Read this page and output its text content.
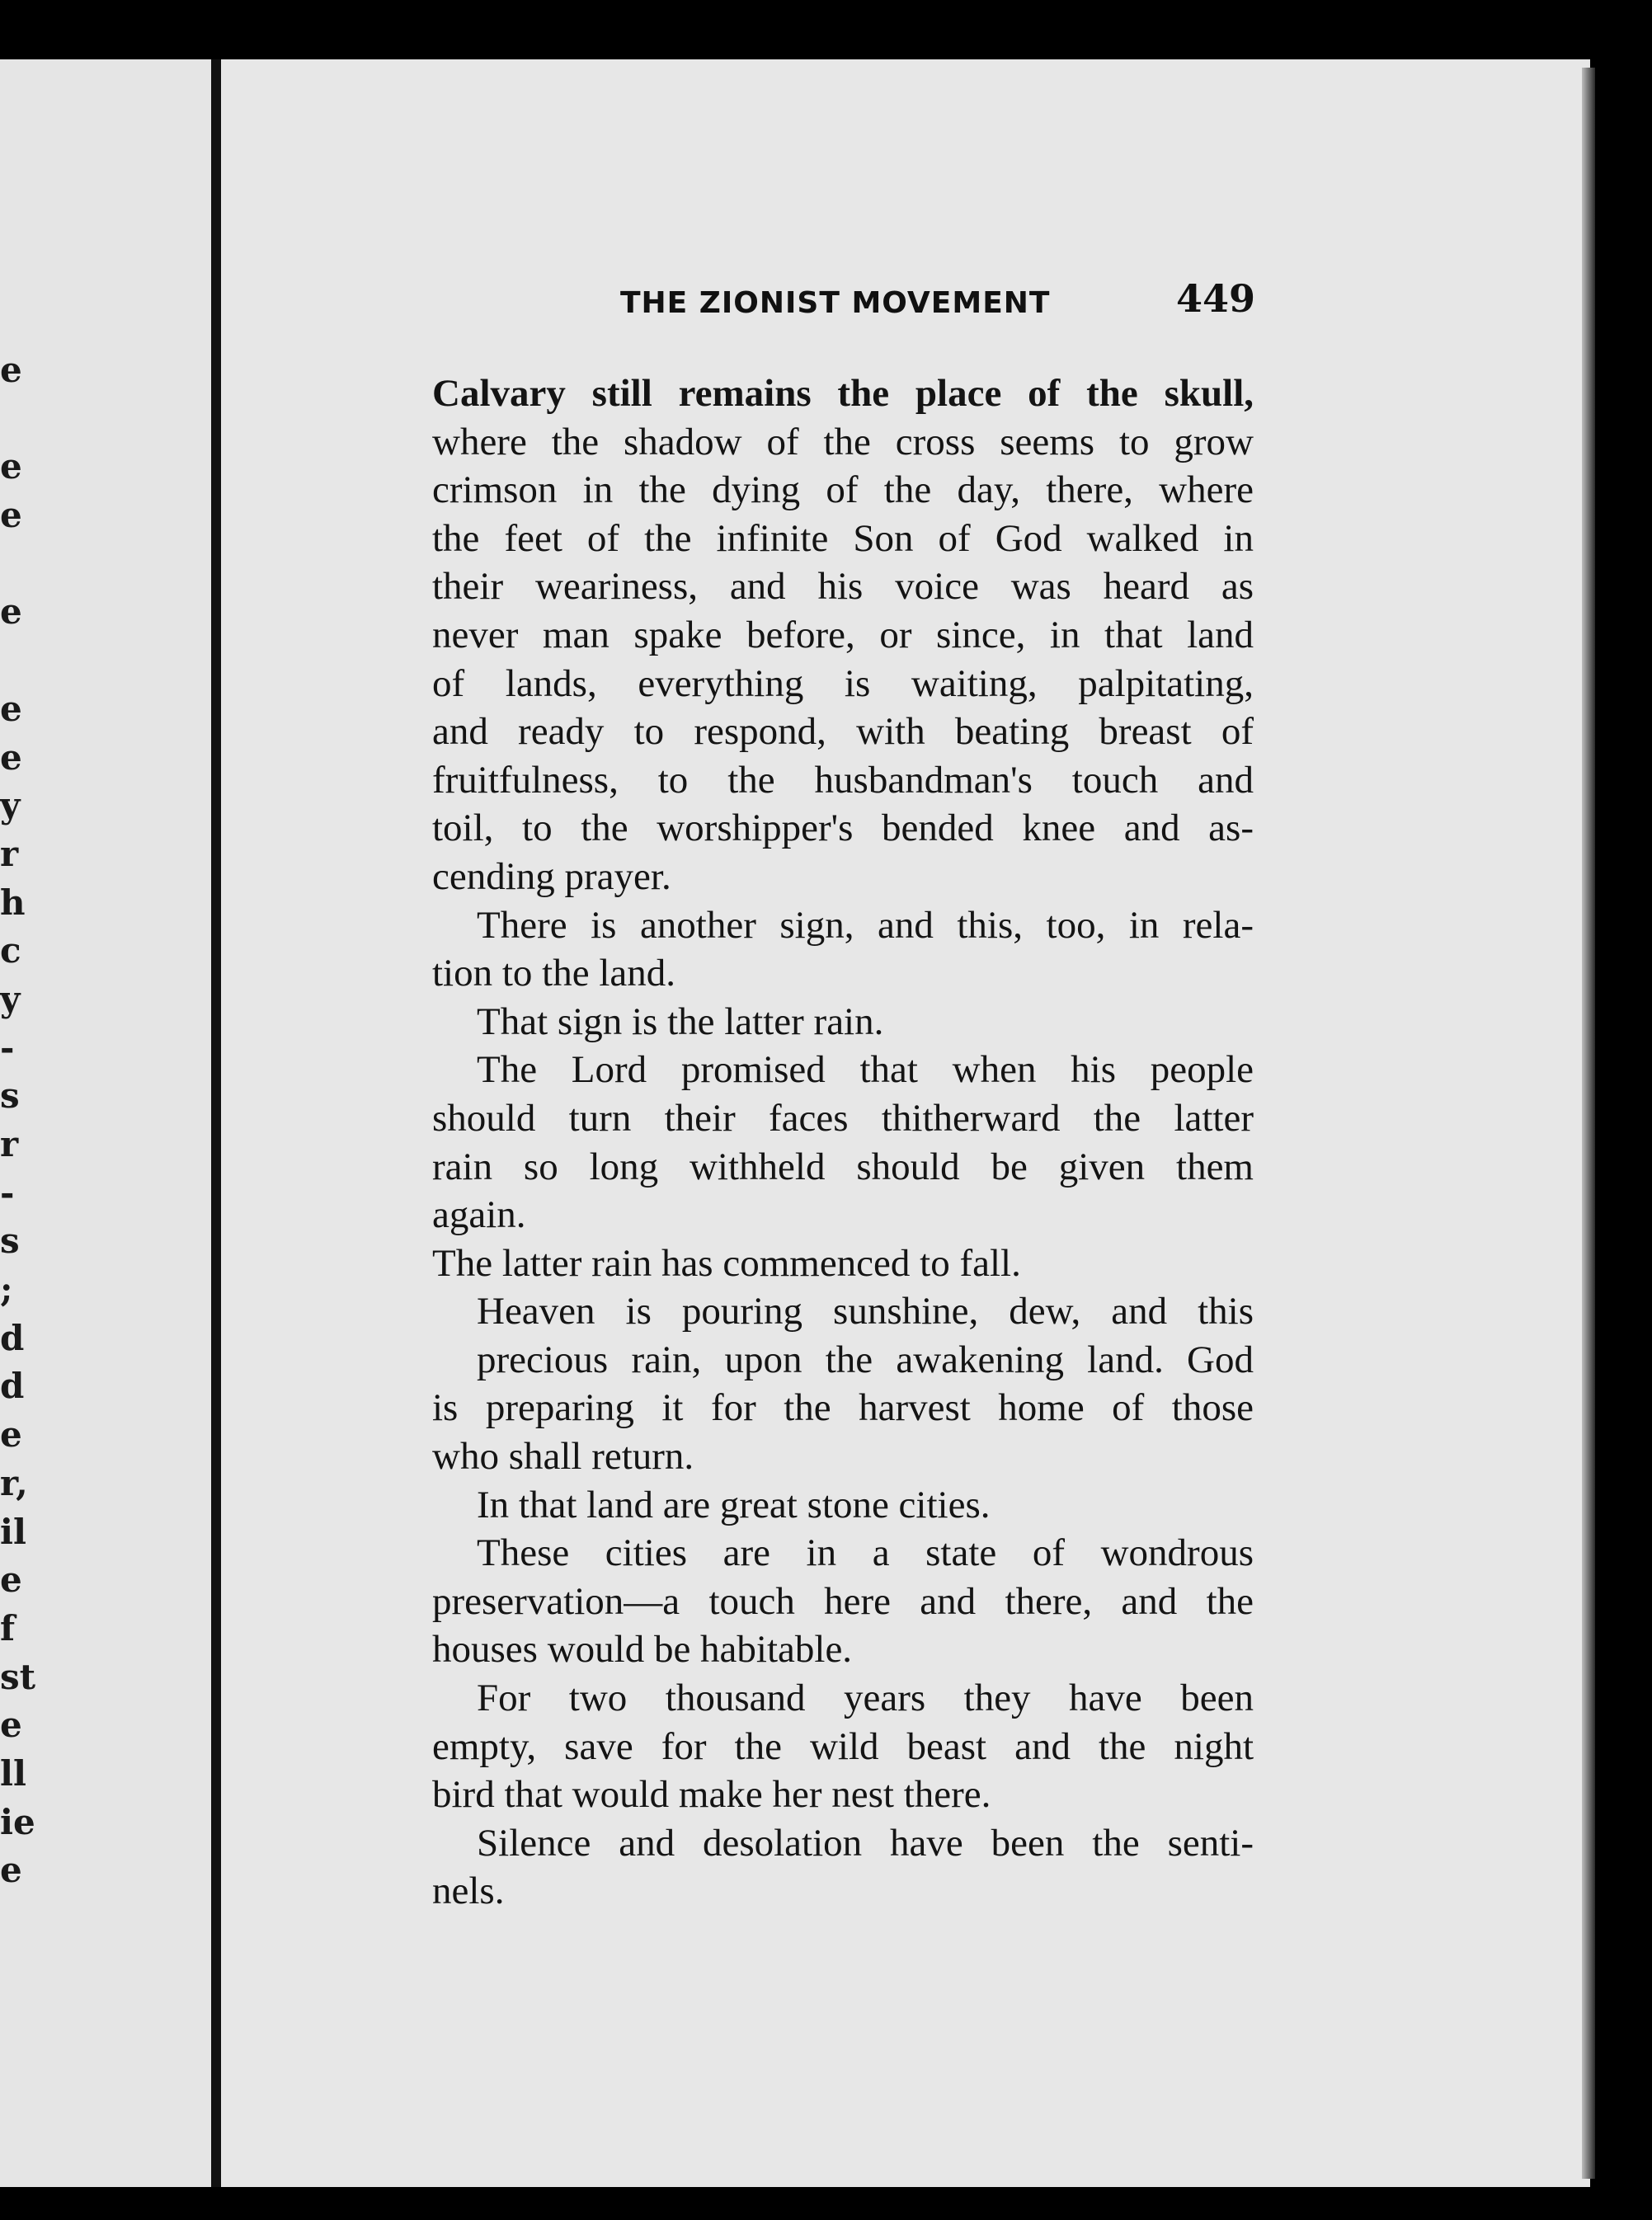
e
e
e
e
e
e
y
r
h
c
y
-
s
r
-
s
;
d
d
e
r,
il
e
f
st
e
ll
ie
e
THE ZIONIST MOVEMENT	449
Calvary still remains the place of the skull,
where the shadow of the cross seems to grow
crimson in the dying of the day, there, where
the feet of the infinite Son of God walked in
their weariness, and his voice was heard as
never man spake before, or since, in that land
of lands, everything is waiting, palpitating,
and ready to respond, with beating breast of
fruitfulness, to the husbandman's touch and
toil, to the worshipper's bended knee and as-
cending prayer.
There is another sign, and this, too, in rela-
tion to the land.
That sign is the latter rain.
The Lord promised that when his people
should turn their faces thitherward the latter
rain so long withheld should be given them
again.
The latter rain has commenced to fall.
Heaven is pouring sunshine, dew, and this
precious rain, upon the awakening land. God
is preparing it for the harvest home of those
who shall return.
In that land are great stone cities.
These cities are in a state of wondrous
preservation—a touch here and there, and the
houses would be habitable.
For two thousand years they have been
empty, save for the wild beast and the night
bird that would make her nest there.
Silence and desolation have been the senti-
nels.
